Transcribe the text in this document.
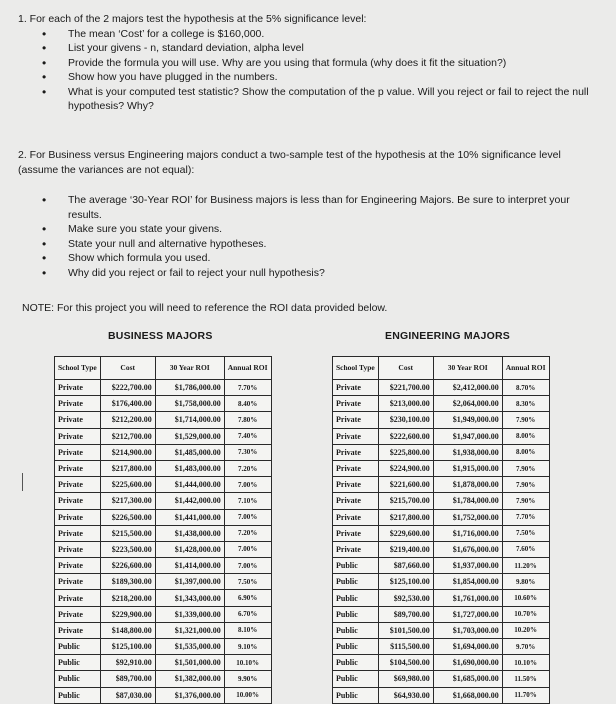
1. For each of the 2 majors test the hypothesis at the 5% significance level:
• The mean ‘Cost’ for a college is $160,000.
• List your givens - n, standard deviation, alpha level
• Provide the formula you will use. Why are you using that formula (why does it fit the situation?)
• Show how you have plugged in the numbers.
• What is your computed test statistic? Show the computation of the p value. Will you reject or fail to reject the null hypothesis? Why?
2. For Business versus Engineering majors conduct a two-sample test of the hypothesis at the 10% significance level (assume the variances are not equal):
• The average ‘30-Year ROI’ for Business majors is less than for Engineering Majors. Be sure to interpret your results.
• Make sure you state your givens.
• State your null and alternative hypotheses.
• Show which formula you used.
• Why did you reject or fail to reject your null hypothesis?
NOTE: For this project you will need to reference the ROI data provided below.
BUSINESS MAJORS	ENGINEERING MAJORS
School Type	Cost	30 Year ROI	Annual ROI
Private	$222,700.00	$1,786,000.00	7.70%
Private	$176,400.00	$1,758,000.00	8.40%
Private	$212,200.00	$1,714,000.00	7.80%
Private	$212,700.00	$1,529,000.00	7.40%
Private	$214,900.00	$1,485,000.00	7.30%
Private	$217,800.00	$1,483,000.00	7.20%
Private	$225,600.00	$1,444,000.00	7.00%
Private	$217,300.00	$1,442,000.00	7.10%
Private	$226,500.00	$1,441,000.00	7.00%
Private	$215,500.00	$1,438,000.00	7.20%
Private	$223,500.00	$1,428,000.00	7.00%
Private	$226,600.00	$1,414,000.00	7.00%
Private	$189,300.00	$1,397,000.00	7.50%
Private	$218,200.00	$1,343,000.00	6.90%
Private	$229,900.00	$1,339,000.00	6.70%
Private	$148,800.00	$1,321,000.00	8.10%
Public	$125,100.00	$1,535,000.00	9.10%
Public	$92,910.00	$1,501,000.00	10.10%
Public	$89,700.00	$1,382,000.00	9.90%
Public	$87,030.00	$1,376,000.00	10.00%
School Type	Cost	30 Year ROI	Annual ROI
Private	$221,700.00	$2,412,000.00	8.70%
Private	$213,000.00	$2,064,000.00	8.30%
Private	$230,100.00	$1,949,000.00	7.90%
Private	$222,600.00	$1,947,000.00	8.00%
Private	$225,800.00	$1,938,000.00	8.00%
Private	$224,900.00	$1,915,000.00	7.90%
Private	$221,600.00	$1,878,000.00	7.90%
Private	$215,700.00	$1,784,000.00	7.90%
Private	$217,800.00	$1,752,000.00	7.70%
Private	$229,600.00	$1,716,000.00	7.50%
Private	$219,400.00	$1,676,000.00	7.60%
Public	$87,660.00	$1,937,000.00	11.20%
Public	$125,100.00	$1,854,000.00	9.80%
Public	$92,530.00	$1,761,000.00	10.60%
Public	$89,700.00	$1,727,000.00	10.70%
Public	$101,500.00	$1,703,000.00	10.20%
Public	$115,500.00	$1,694,000.00	9.70%
Public	$104,500.00	$1,690,000.00	10.10%
Public	$69,980.00	$1,685,000.00	11.50%
Public	$64,930.00	$1,668,000.00	11.70%
